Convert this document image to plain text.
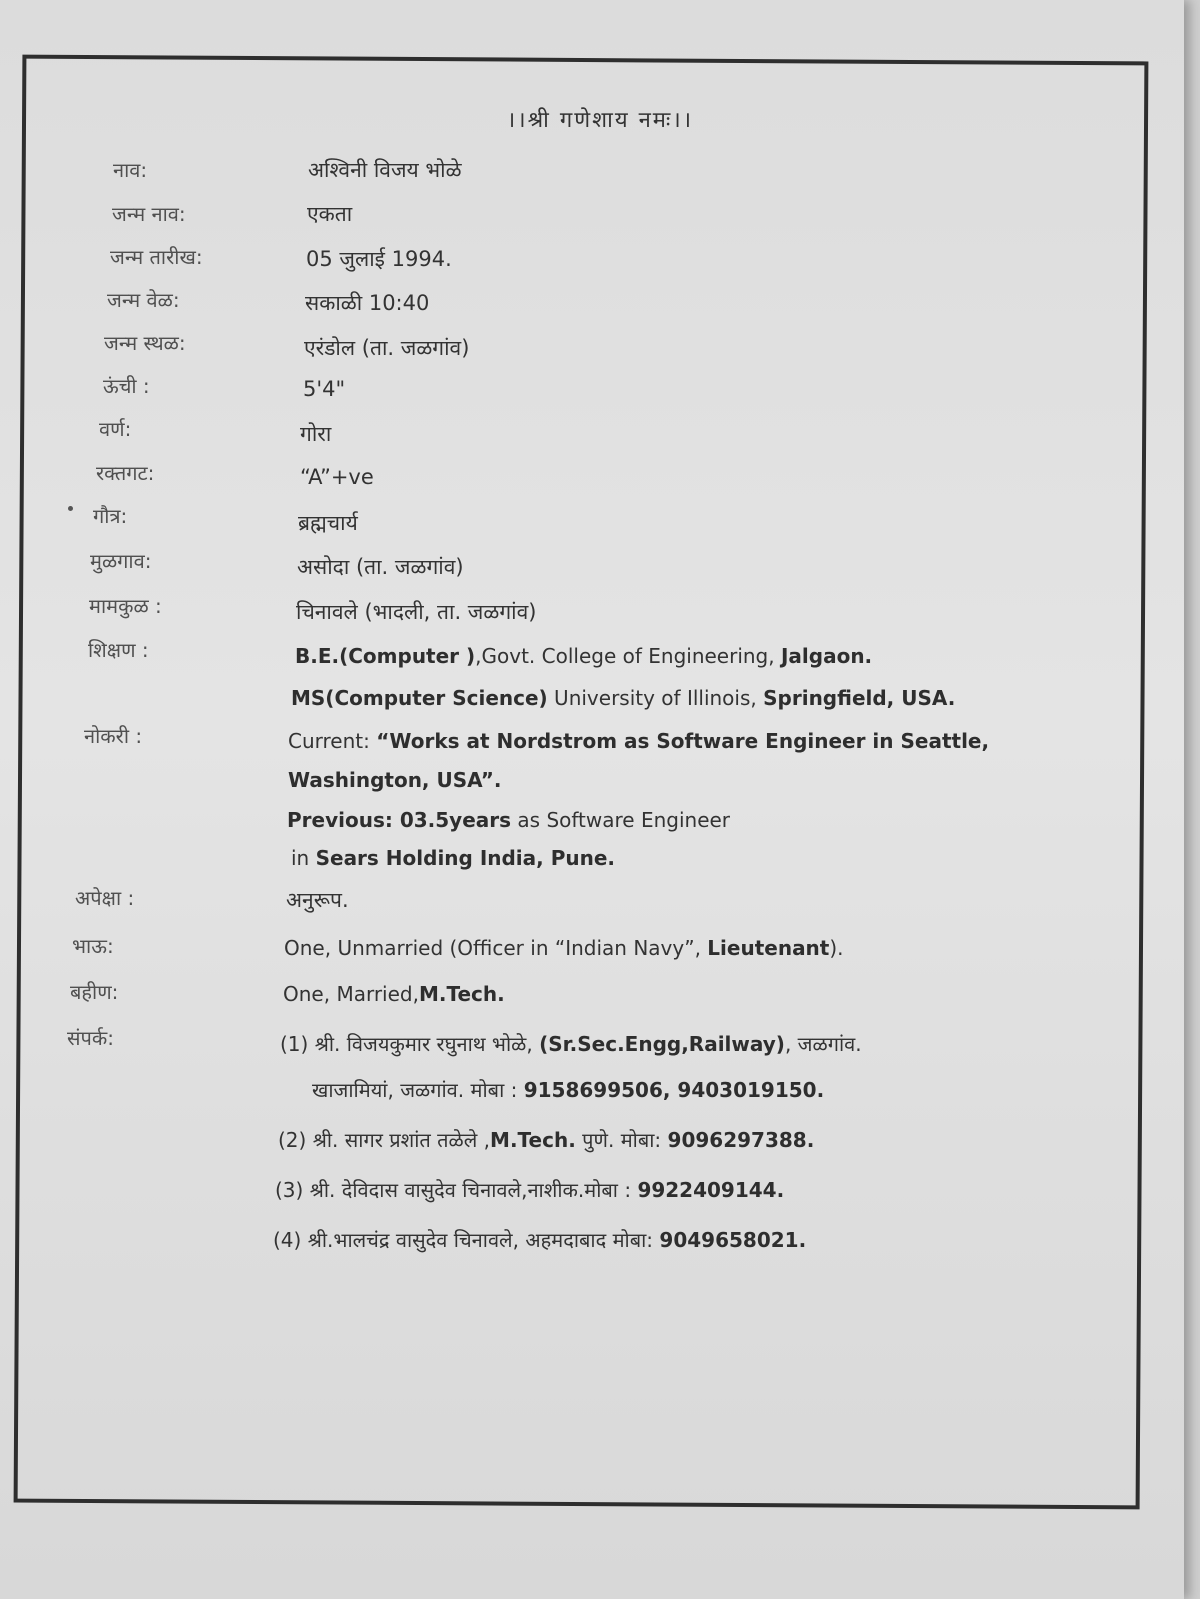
।।श्री गणेशाय नमः।।
नाव:	अश्विनी विजय भोळे
जन्म नाव:	एकता
जन्म तारीख:	05 जुलाई 1994.
जन्म वेळ:	सकाळी 10:40
जन्म स्थळ:	एरंडोल (ता. जळगांव)
ऊंची :	5'4"
वर्ण:	गोरा
रक्तगट:	“A”+ve
गौत्र:	ब्रह्मचार्य
मुळगाव:	असोदा (ता. जळगांव)
मामकुळ :	चिनावले (भादली, ता. जळगांव)
शिक्षण :	B.E.(Computer ),Govt. College of Engineering, Jalgaon.
MS(Computer Science) University of Illinois, Springfield, USA.
नोकरी :	Current: “Works at Nordstrom as Software Engineer in Seattle,
Washington, USA”.
Previous: 03.5years as Software Engineer
in Sears Holding India, Pune.
अपेक्षा :	अनुरूप.
भाऊ:	One, Unmarried (Officer in “Indian Navy”, Lieutenant).
बहीण:	One, Married,M.Tech.
संपर्क:	(1) श्री. विजयकुमार रघुनाथ भोळे, (Sr.Sec.Engg,Railway), जळगांव.
खाजामियां, जळगांव. मोबा : 9158699506, 9403019150.
(2) श्री. सागर प्रशांत तळेले ,M.Tech. पुणे. मोबा: 9096297388.
(3) श्री. देविदास वासुदेव चिनावले,नाशीक.मोबा : 9922409144.
(4) श्री.भालचंद्र वासुदेव चिनावले, अहमदाबाद मोबा: 9049658021.
